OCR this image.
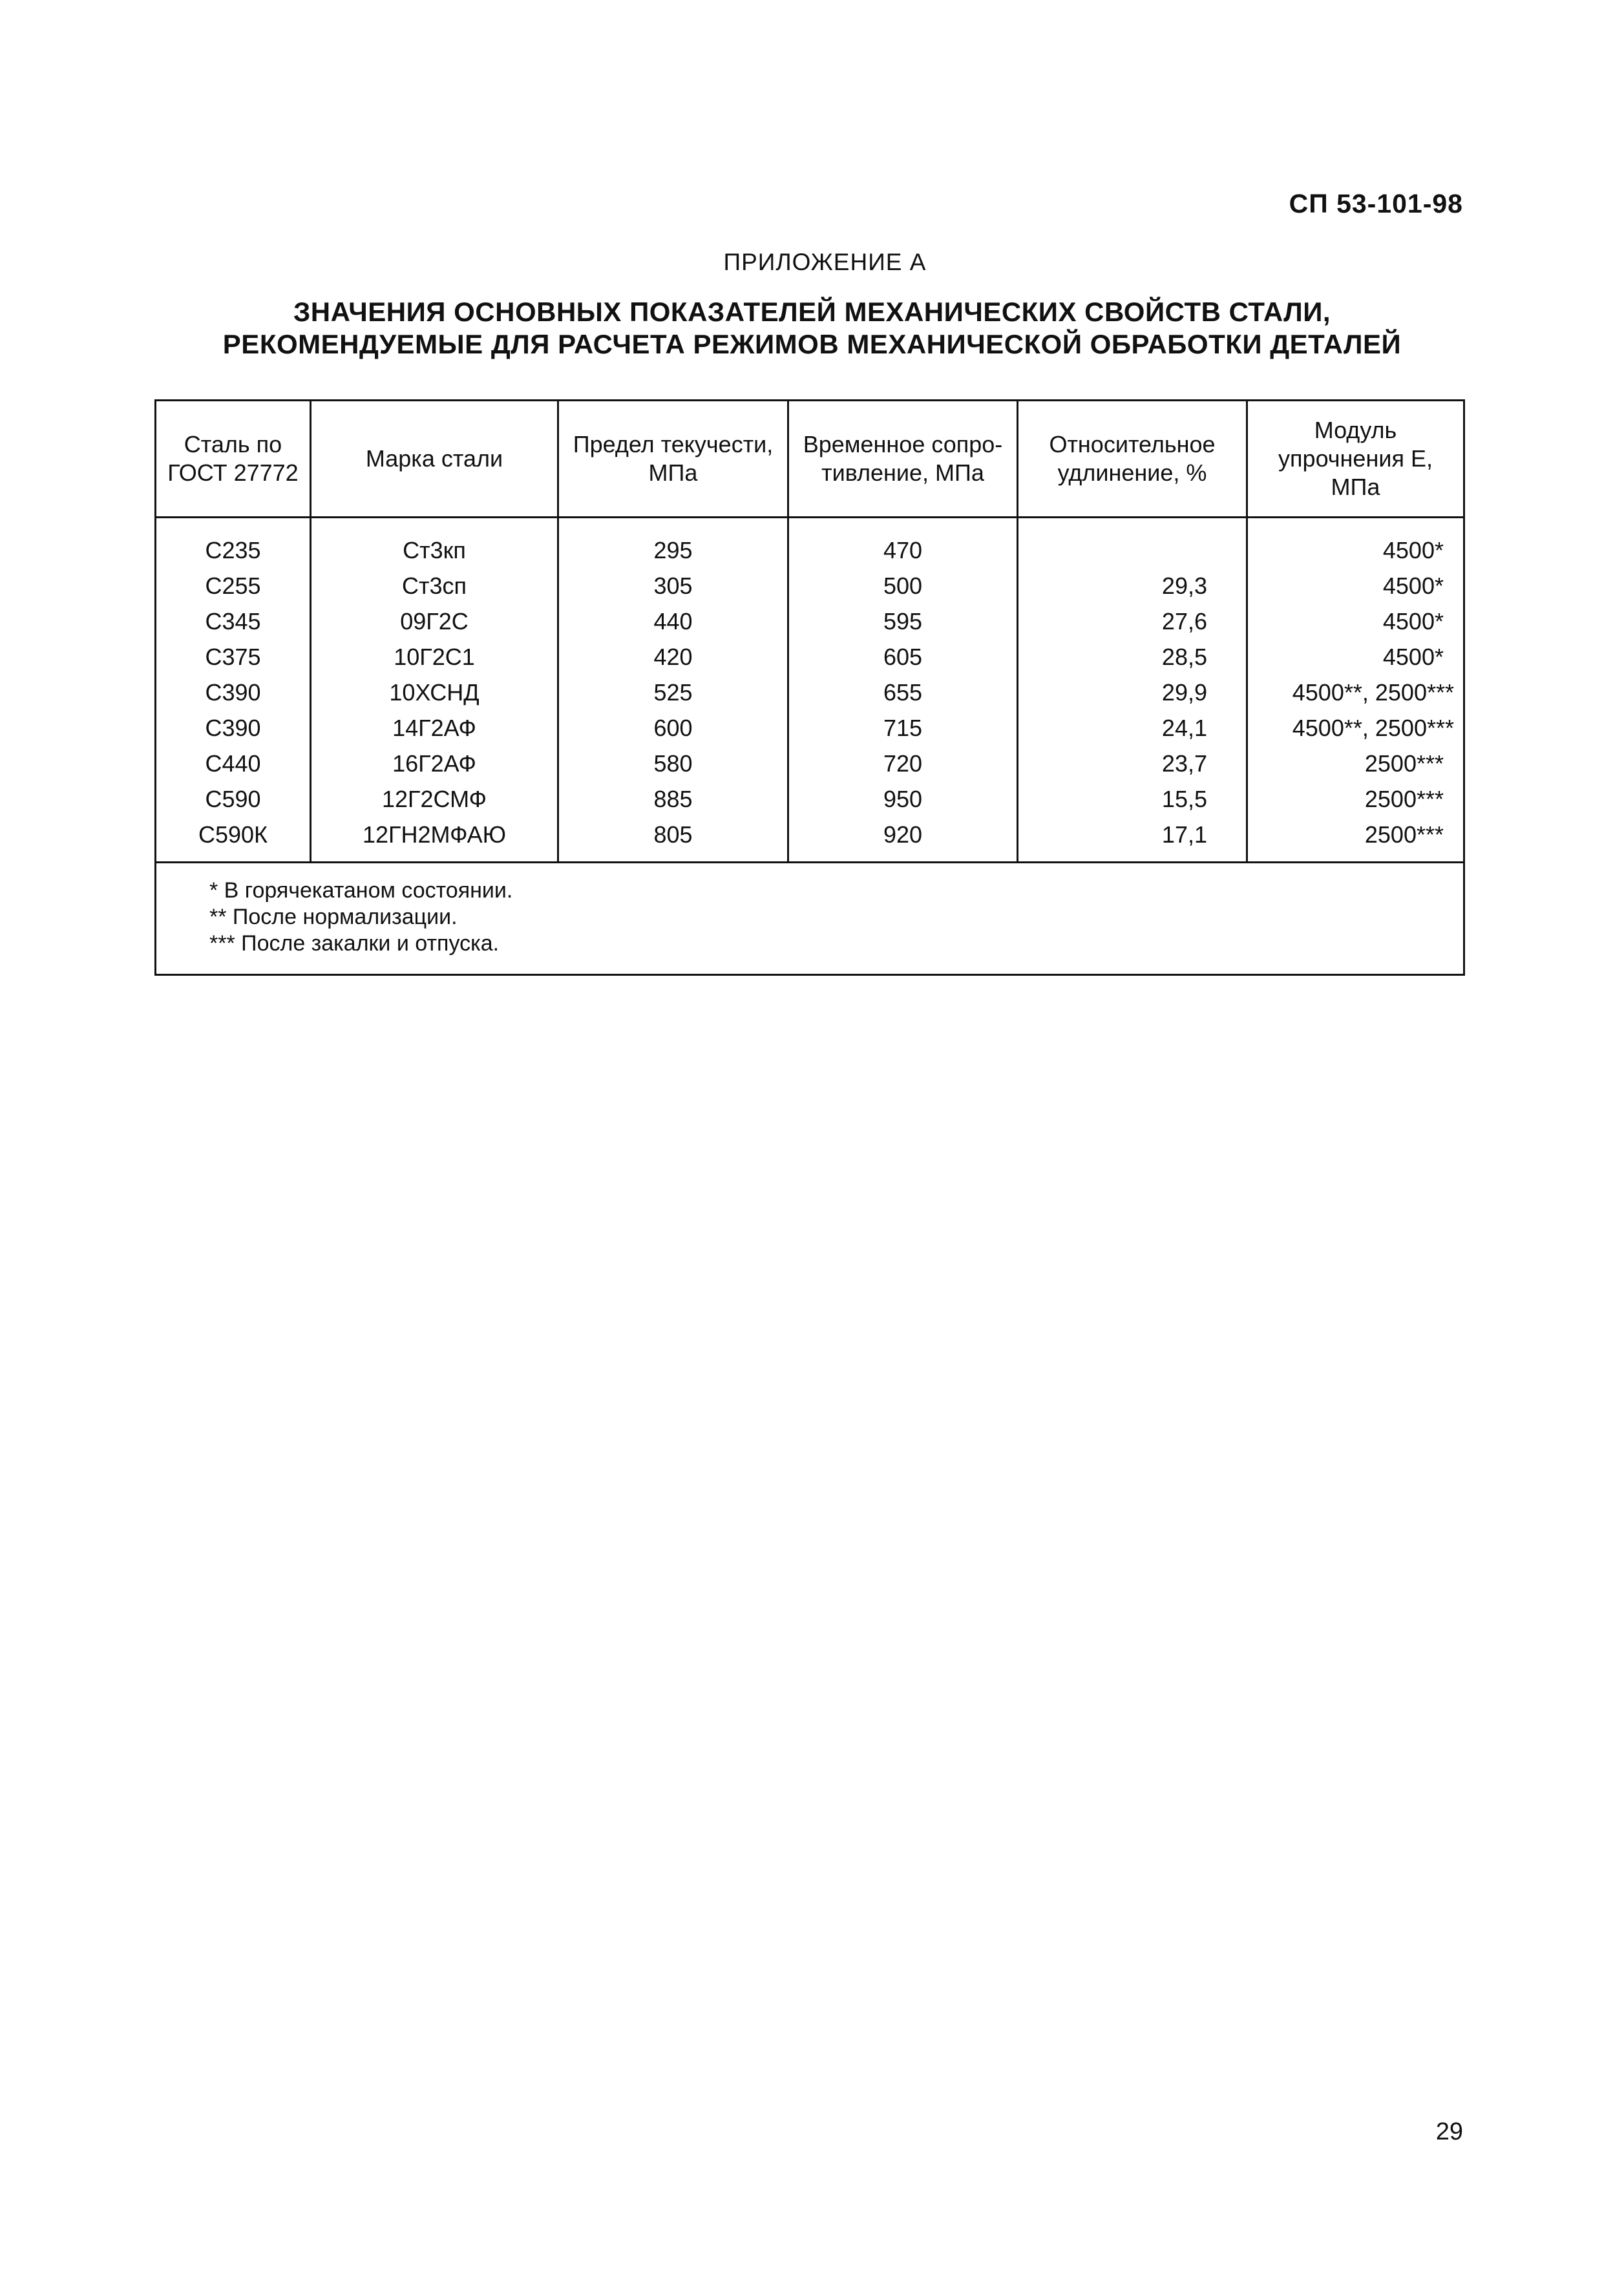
СП 53-101-98
ПРИЛОЖЕНИЕ А
ЗНАЧЕНИЯ ОСНОВНЫХ ПОКАЗАТЕЛЕЙ МЕХАНИЧЕСКИХ СВОЙСТВ СТАЛИ,
РЕКОМЕНДУЕМЫЕ ДЛЯ РАСЧЕТА РЕЖИМОВ МЕХАНИЧЕСКОЙ ОБРАБОТКИ ДЕТАЛЕЙ
Сталь по ГОСТ 27772	Марка стали	Предел текучести, МПа	Временное сопро- тивление, МПа	Относительное удлинение, %	Модуль упрочнения Е, МПа
С235	Ст3кп	295	470		4500*
С255	Ст3сп	305	500	29,3	4500*
С345	09Г2С	440	595	27,6	4500*
С375	10Г2С1	420	605	28,5	4500*
С390	10ХСНД	525	655	29,9	4500**, 2500***
С390	14Г2АФ	600	715	24,1	4500**, 2500***
С440	16Г2АФ	580	720	23,7	2500***
С590	12Г2СМФ	885	950	15,5	2500***
С590К	12ГН2МФАЮ	805	920	17,1	2500***

* В горячекатаном состоянии.
** После нормализации.
*** После закалки и отпуска.					
29
